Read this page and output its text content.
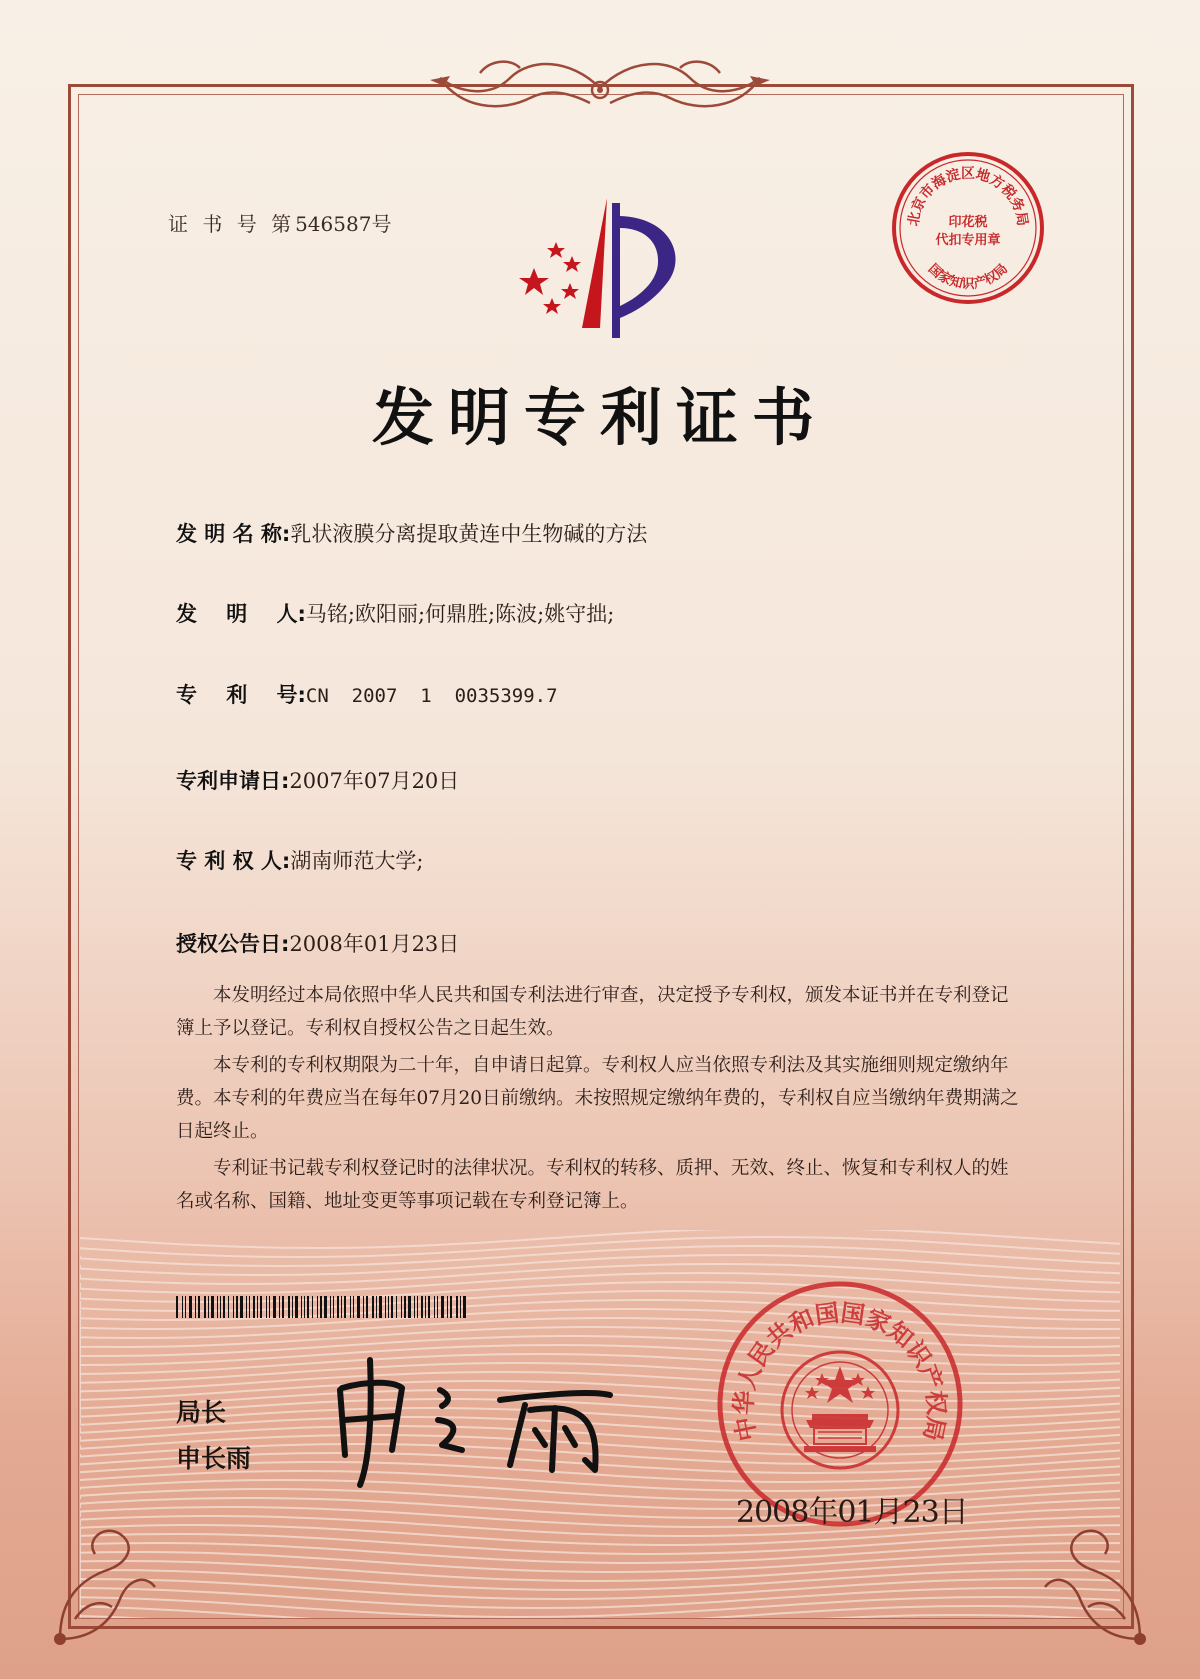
证 书 号 第546587号	北京市海淀区地方税务局
国家知识产权局
印花税
代扣专用章
发明专利证书
发 明 名 称:乳状液膜分离提取黄连中生物碱的方法
发    明    人:马铭;欧阳丽;何鼎胜;陈波;姚守拙;
专    利    号:CN  2007  1  0035399.7
专利申请日:2007年07月20日
专 利 权 人:湖南师范大学;
授权公告日:2008年01月23日
本发明经过本局依照中华人民共和国专利法进行审查，决定授予专利权，颁发本证书并在专利登记簿上予以登记。专利权自授权公告之日起生效。
本专利的专利权期限为二十年，自申请日起算。专利权人应当依照专利法及其实施细则规定缴纳年费。本专利的年费应当在每年07月20日前缴纳。未按照规定缴纳年费的，专利权自应当缴纳年费期满之日起终止。
专利证书记载专利权登记时的法律状况。专利权的转移、质押、无效、终止、恢复和专利权人的姓名或名称、国籍、地址变更等事项记载在专利登记簿上。
局长
申长雨
中华人民共和国国家知识产权局
2008年01月23日
